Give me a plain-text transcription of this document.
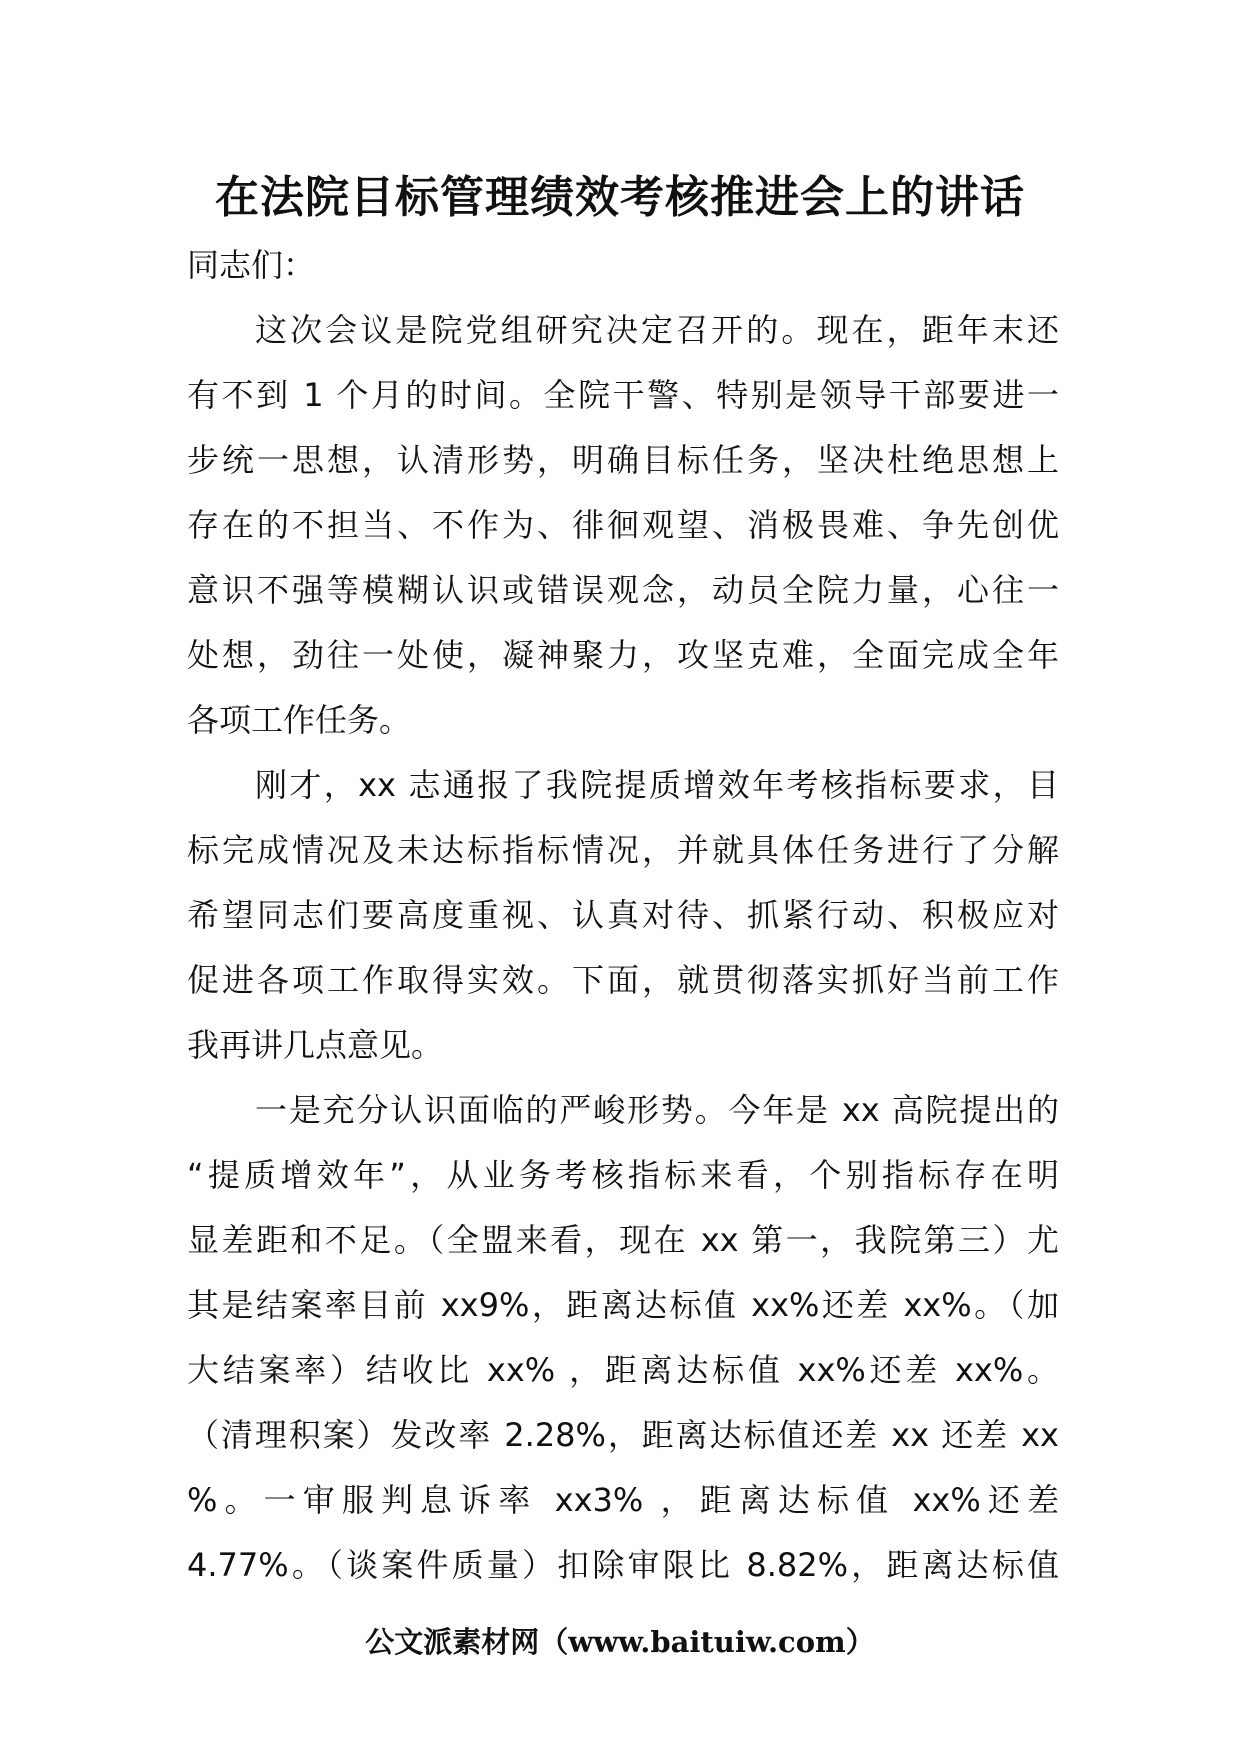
在法院目标管理绩效考核推进会上的讲话
同志们：
这次会议是院党组研究决定召开的。现在，距年末还
有不到 1 个月的时间。全院干警、特别是领导干部要进一
步统一思想，认清形势，明确目标任务，坚决杜绝思想上
存在的不担当、不作为、徘徊观望、消极畏难、争先创优
意识不强等模糊认识或错误观念，动员全院力量，心往一
处想，劲往一处使，凝神聚力，攻坚克难，全面完成全年
各项工作任务。
刚才，xx 志通报了我院提质增效年考核指标要求，目
标完成情况及未达标指标情况，并就具体任务进行了分解
希望同志们要高度重视、认真对待、抓紧行动、积极应对
促进各项工作取得实效。下面，就贯彻落实抓好当前工作
我再讲几点意见。
一是充分认识面临的严峻形势。今年是 xx 高院提出的
“提质增效年”，从业务考核指标来看，个别指标存在明
显差距和不足。（全盟来看，现在 xx 第一，我院第三）尤
其是结案率目前 xx9%，距离达标值 xx%还差 xx%。（加
大结案率）结收比 xx% ，距离达标值 xx%还差 xx%。
（清理积案）发改率 2.28%，距离达标值还差 xx 还差 xx
%。一审服判息诉率 xx3% ，距离达标值 xx%还差
4.77%。（谈案件质量）扣除审限比 8.82%，距离达标值
公文派素材网（www.baituiw.com）
